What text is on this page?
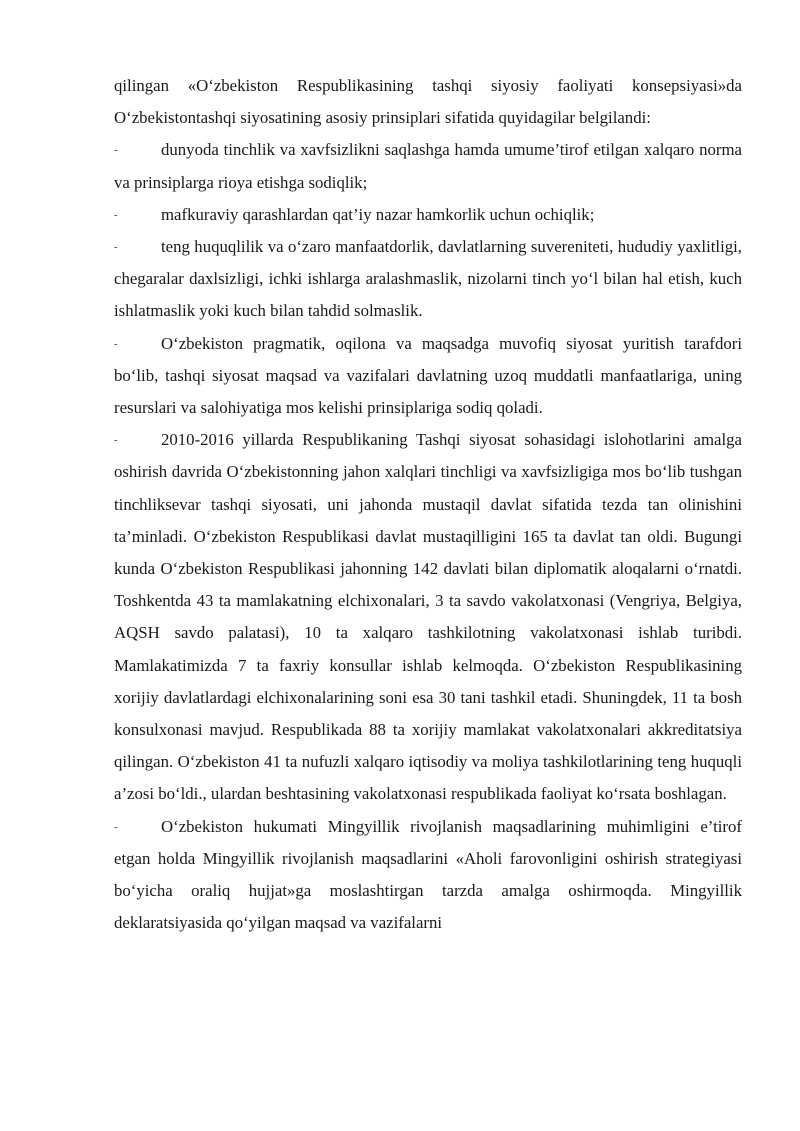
qilingan «O‘zbekiston Respublikasining tashqi siyosiy faoliyati konsepsiyasi»da O‘zbekistontashqi siyosatining asosiy prinsiplari sifatida quyidagilar belgilandi:

-	dunyoda tinchlik va xavfsizlikni saqlashga hamda umume’tirof etilgan xalqaro norma va prinsiplarga rioya etishga sodiqlik;
-	mafkuraviy qarashlardan qat’iy nazar hamkorlik uchun ochiqlik;
-	teng huquqlilik va o‘zaro manfaatdorlik, davlatlarning suvereniteti, hududiy yaxlitligi, chegaralar daxlsizligi, ichki ishlarga aralashmaslik, nizolarni tinch yo‘l bilan hal etish, kuch ishlatmaslik yoki kuch bilan tahdid solmaslik.
-	O‘zbekiston pragmatik, oqilona va maqsadga muvofiq siyosat yuritish tarafdori bo‘lib, tashqi siyosat maqsad va vazifalari davlatning uzoq muddatli manfaatlariga, uning resurslari va salohiyatiga mos kelishi prinsiplariga sodiq qoladi.
-	2010-2016 yillarda Respublikaning Tashqi siyosat sohasidagi islohotlarini amalga oshirish davrida O‘zbekistonning jahon xalqlari tinchligi va xavfsizligiga mos bo‘lib tushgan tinchliksevar tashqi siyosati, uni jahonda mustaqil davlat sifatida tezda tan olinishini ta’minladi. O‘zbekiston Respublikasi davlat mustaqilligini 165 ta davlat tan oldi. Bugungi kunda O‘zbekiston Respublikasi jahonning 142 davlati bilan diplomatik aloqalarni o‘rnatdi. Toshkentda 43 ta mamlakatning elchixonalari, 3 ta savdo vakolatxonasi (Vengriya, Belgiya, AQSH savdo palatasi), 10 ta xalqaro tashkilotning vakolatxonasi ishlab turibdi. Mamlakatimizda 7 ta faxriy konsullar ishlab kelmoqda. O‘zbekiston Respublikasining xorijiy davlatlardagi elchixonalarining soni esa 30 tani tashkil etadi. Shuningdek, 11 ta bosh konsulxonasi mavjud. Respublikada 88 ta xorijiy mamlakat vakolatxonalari akkreditatsiya qilingan. O‘zbekiston 41 ta nufuzli xalqaro iqtisodiy va moliya tashkilotlarining teng huquqli a’zosi bo‘ldi., ulardan beshtasining vakolatxonasi respublikada faoliyat ko‘rsata boshlagan.
-	O‘zbekiston hukumati Mingyillik rivojlanish maqsadlarining muhimligini e’tirof etgan holda Mingyillik rivojlanish maqsadlarini «Aholi farovonligini oshirish strategiyasi bo‘yicha oraliq hujjat»ga moslashtirgan tarzda amalga oshirmoqda. Mingyillik deklaratsiyasida qo‘yilgan maqsad va vazifalarni
